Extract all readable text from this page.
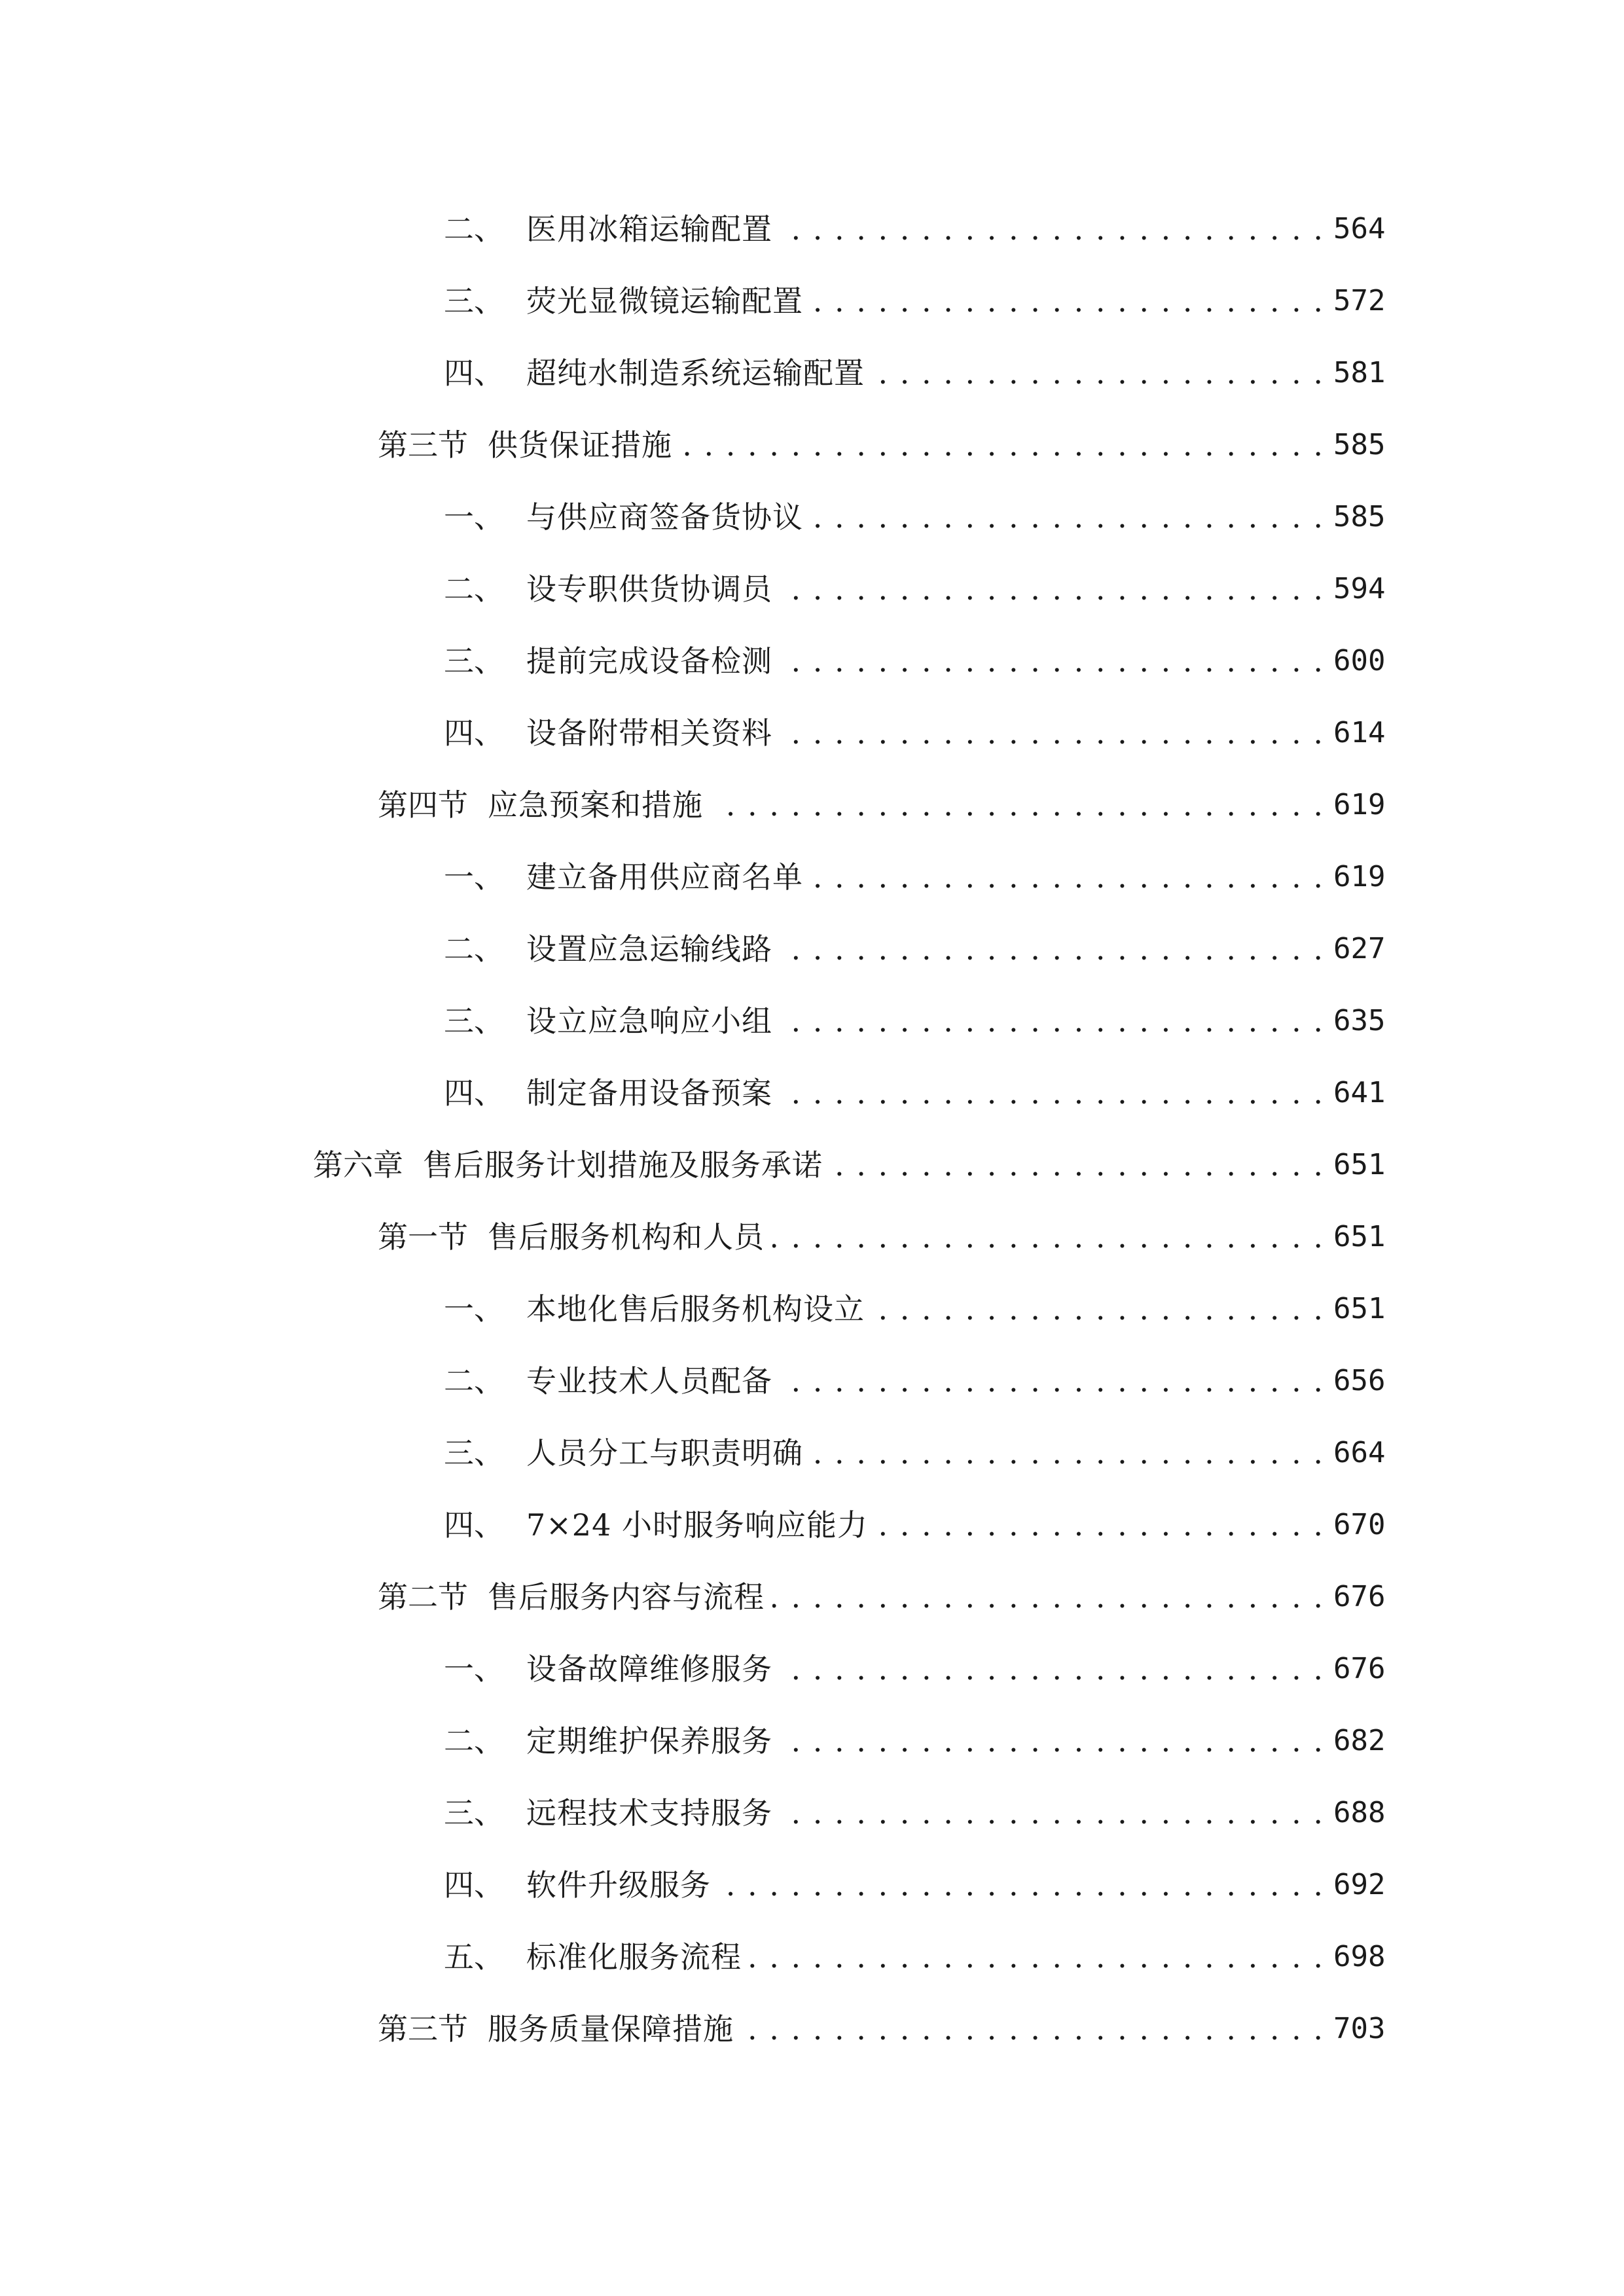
二、 医用冰箱运输配置 . . .	564
三、 荧光显微镜运输配置 . . .	572
四、 超纯水制造系统运输配置 . . .	581
第三节 供货保证措施 . . .	585
一、 与供应商签备货协议 . . .	585
二、 设专职供货协调员 . . .	594
三、 提前完成设备检测 . . .	600
四、 设备附带相关资料 . . .	614
第四节 应急预案和措施 . . .	619
一、 建立备用供应商名单 . . .	619
二、 设置应急运输线路 . . .	627
三、 设立应急响应小组 . . .	635
四、 制定备用设备预案 . . .	641
第六章 售后服务计划措施及服务承诺 . . .	651
第一节 售后服务机构和人员 . . .	651
一、 本地化售后服务机构设立 . . .	651
二、 专业技术人员配备 . . .	656
三、 人员分工与职责明确 . . .	664
四、 7×24 小时服务响应能力 . . .	670
第二节 售后服务内容与流程 . . .	676
一、 设备故障维修服务 . . .	676
二、 定期维护保养服务 . . .	682
三、 远程技术支持服务 . . .	688
四、 软件升级服务 . . .	692
五、 标准化服务流程 . . .	698
第三节 服务质量保障措施 . . .	703
